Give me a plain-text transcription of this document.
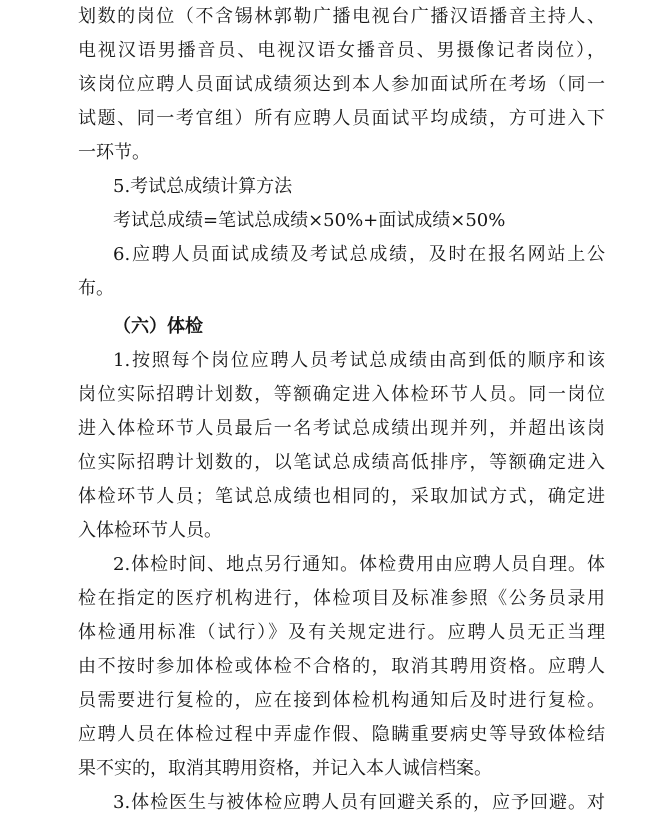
划数的岗位（不含锡林郭勒广播电视台广播汉语播音主持人、
电视汉语男播音员、电视汉语女播音员、男摄像记者岗位），
该岗位应聘人员面试成绩须达到本人参加面试所在考场（同一
试题、同一考官组）所有应聘人员面试平均成绩，方可进入下
一环节。
5.考试总成绩计算方法
考试总成绩=笔试总成绩×50%+面试成绩×50%
6.应聘人员面试成绩及考试总成绩，及时在报名网站上公
布。
（六）体检
1.按照每个岗位应聘人员考试总成绩由高到低的顺序和该
岗位实际招聘计划数，等额确定进入体检环节人员。同一岗位
进入体检环节人员最后一名考试总成绩出现并列，并超出该岗
位实际招聘计划数的，以笔试总成绩高低排序，等额确定进入
体检环节人员；笔试总成绩也相同的，采取加试方式，确定进
入体检环节人员。
2.体检时间、地点另行通知。体检费用由应聘人员自理。体
检在指定的医疗机构进行，体检项目及标准参照《公务员录用
体检通用标准（试行）》及有关规定进行。应聘人员无正当理
由不按时参加体检或体检不合格的，取消其聘用资格。应聘人
员需要进行复检的，应在接到体检机构通知后及时进行复检。
应聘人员在体检过程中弄虚作假、隐瞒重要病史等导致体检结
果不实的，取消其聘用资格，并记入本人诚信档案。
3.体检医生与被体检应聘人员有回避关系的，应予回避。对
